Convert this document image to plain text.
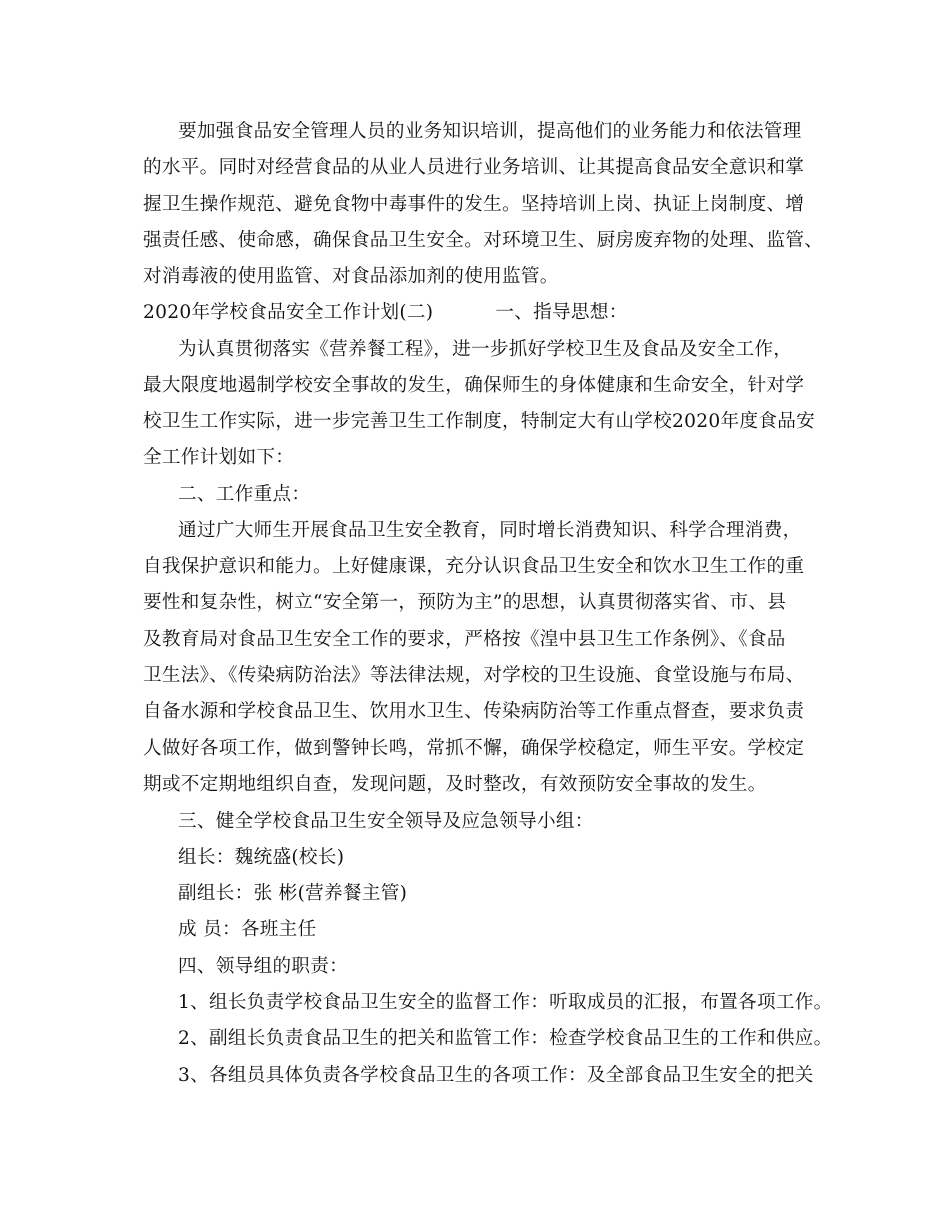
要加强食品安全管理人员的业务知识培训，提高他们的业务能力和依法管理
的水平。同时对经营食品的从业人员进行业务培训、让其提高食品安全意识和掌
握卫生操作规范、避免食物中毒事件的发生。坚持培训上岗、执证上岗制度、增
强责任感、使命感，确保食品卫生安全。对环境卫生、厨房废弃物的处理、监管、
对消毒液的使用监管、对食品添加剂的使用监管。
2020年学校食品安全工作计划(二)	一、指导思想：
为认真贯彻落实《营养餐工程》，进一步抓好学校卫生及食品及安全工作，
最大限度地遏制学校安全事故的发生，确保师生的身体健康和生命安全，针对学
校卫生工作实际，进一步完善卫生工作制度，特制定大有山学校2020年度食品安
全工作计划如下：
二、工作重点：
通过广大师生开展食品卫生安全教育，同时增长消费知识、科学合理消费，
自我保护意识和能力。上好健康课，充分认识食品卫生安全和饮水卫生工作的重
要性和复杂性，树立“安全第一，预防为主”的思想，认真贯彻落实省、市、县
及教育局对食品卫生安全工作的要求，严格按《湟中县卫生工作条例》、《食品
卫生法》、《传染病防治法》等法律法规，对学校的卫生设施、食堂设施与布局、
自备水源和学校食品卫生、饮用水卫生、传染病防治等工作重点督查，要求负责
人做好各项工作，做到警钟长鸣，常抓不懈，确保学校稳定，师生平安。学校定
期或不定期地组织自查，发现问题，及时整改，有效预防安全事故的发生。
三、健全学校食品卫生安全领导及应急领导小组：
组长：魏统盛(校长)
副组长：张 彬(营养餐主管)
成 员：各班主任
四、领导组的职责：
1、组长负责学校食品卫生安全的监督工作：听取成员的汇报，布置各项工作。
2、副组长负责食品卫生的把关和监管工作：检查学校食品卫生的工作和供应。
3、各组员具体负责各学校食品卫生的各项工作：及全部食品卫生安全的把关
